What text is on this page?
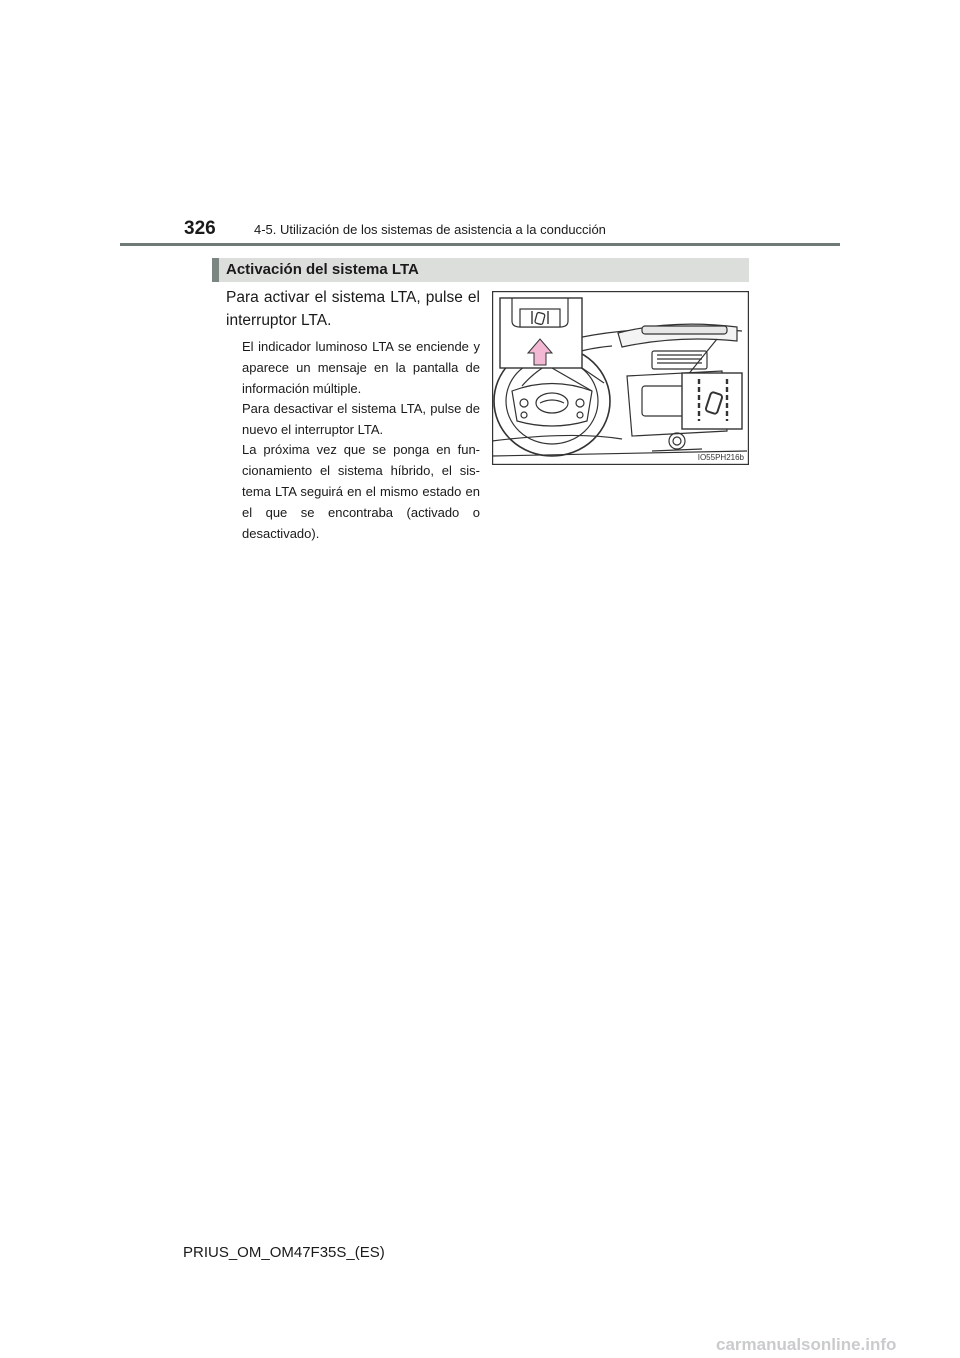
326	4-5. Utilización de los sistemas de asistencia a la conducción
Activación del sistema LTA
Para activar el sistema LTA, pulse el interruptor LTA.
El indicador luminoso LTA se enciende y aparece un mensaje en la pantalla de información múltiple.
Para desactivar el sistema LTA, pulse de nuevo el interruptor LTA.
La próxima vez que se ponga en fun-cionamiento el sistema híbrido, el sis-tema LTA seguirá en el mismo estado en el que se encontraba (activado o desactivado).
IO55PH216b
PRIUS_OM_OM47F35S_(ES)
carmanualsonline.info
